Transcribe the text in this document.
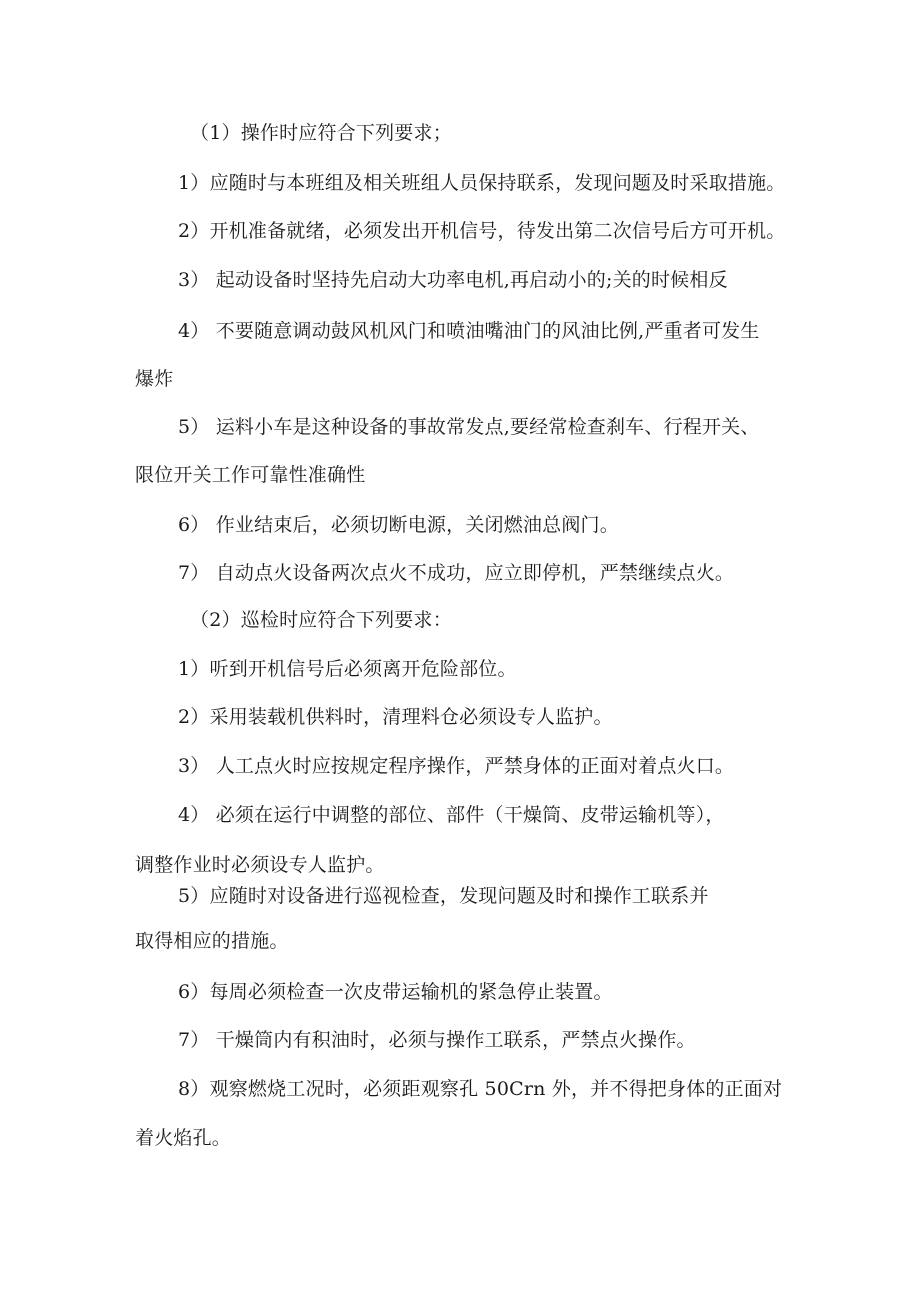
（1）操作时应符合下列要求；
1）应随时与本班组及相关班组人员保持联系，发现问题及时采取措施。
2）开机准备就绪，必须发出开机信号，待发出第二次信号后方可开机。
3） 起动设备时坚持先启动大功率电机,再启动小的;关的时候相反
4） 不要随意调动鼓风机风门和喷油嘴油门的风油比例,严重者可发生
爆炸
5） 运料小车是这种设备的事故常发点,要经常检查刹车、行程开关、
限位开关工作可靠性准确性
6） 作业结束后，必须切断电源，关闭燃油总阀门。
7） 自动点火设备两次点火不成功，应立即停机，严禁继续点火。
（2）巡检时应符合下列要求：
1）听到开机信号后必须离开危险部位。
2）采用装载机供料时，清理料仓必须设专人监护。
3） 人工点火时应按规定程序操作，严禁身体的正面对着点火口。
4） 必须在运行中调整的部位、部件（干燥筒、皮带运输机等），
调整作业时必须设专人监护。
5）应随时对设备进行巡视检查，发现问题及时和操作工联系并
取得相应的措施。
6）每周必须检查一次皮带运输机的紧急停止装置。
7） 干燥筒内有积油时，必须与操作工联系，严禁点火操作。
8）观察燃烧工况时，必须距观察孔 50Crn 外，并不得把身体的正面对
着火焰孔。
